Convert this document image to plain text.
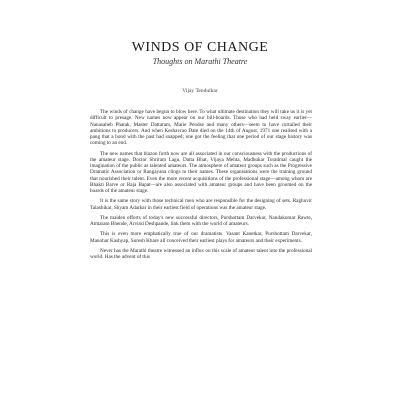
WINDS OF CHANGE
Thoughts on Marathi Theatre
Vijay Tendulkar

The winds of change have begun to blow here. To what ultimate destination they will take us it is yet difficult to presage. New names now appear on our bill-boards. Those who had held sway earlier—Nanasaheb Phatak, Master Dattaram, Marie Pendse and many others—seem to have curtailed their ambitions to producers. And when Keshavrao Date died on the 14th of August, 1971 one realised with a pang that a bond with the past had snapped; one got the feeling that one period of our stage history was coming to an end.

The new names that blazon forth now are all associated in our consciousness with the productions of the amateur stage. Doctor Shriram Lagu, Datta Bhat, Vijaya Mehta, Madhukar Toradmal caught the imagination of the public as talented amateurs. The atmosphere of amateur groups such as the Progressive Dramatic Association or Rangayana clings to their names. These organisations were the training ground that nourished their talent. Even the more recent acquisitions of the professional stage—among whom are Bhakti Barve or Raja Bapat—are also associated with amateur groups and have been groomed on the boards of the amateur stage.

It is the same story with those technical men who are responsible for the designing of sets. Raghuvir Talashikar, Shyam Adarkar in their earliest field of operations was the amateur stage.

The maiden efforts of today's new successful directors, Purshottam Darvekar, Nandakumar Rawte, Atmaram Bhende, Arvind Deshpande, link them with the world of amateurs.

This is even more emphatically true of our dramatists. Vasant Kanetkar, Purshottam Darvekar, Manohar Kashyap, Suresh Khare all conceived their earliest plays for amateurs and their experiments.

Never has the Marathi theatre witnessed an influx on this scale of amateur talent into the professional world. Has the advent of this
